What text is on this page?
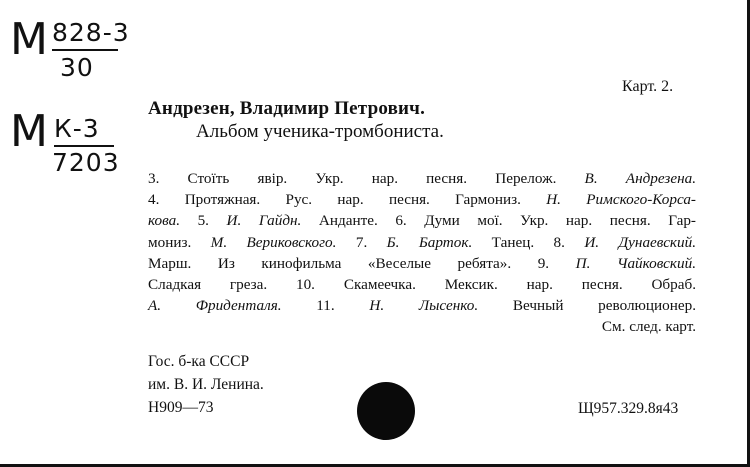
М 828-3
30
М К-3
7203
Карт. 2.
Андрезен, Владимир Петрович.
Альбом ученика-тромбониста.
3. Стоїть явір. Укр. нар. песня. Перелож. В. Андрезена.
4. Протяжная. Рус. нар. песня. Гармониз. Н. Римского-Корса-
кова. 5. И. Гайдн. Анданте. 6. Думи мої. Укр. нар. песня. Гар-
мониз. М. Вериковского. 7. Б. Барток. Танец. 8. И. Дунаевский.
Марш. Из кинофильма «Веселые ребята». 9. П. Чайковский.
Сладкая греза. 10. Скамеечка. Мексик. нар. песня. Обраб.
А. Фриденталя. 11. Н. Лысенко. Вечный революционер.
См. след. карт.
Гос. б-ка СССР
им. В. И. Ленина.
Н909—73	Щ957.329.8я43
